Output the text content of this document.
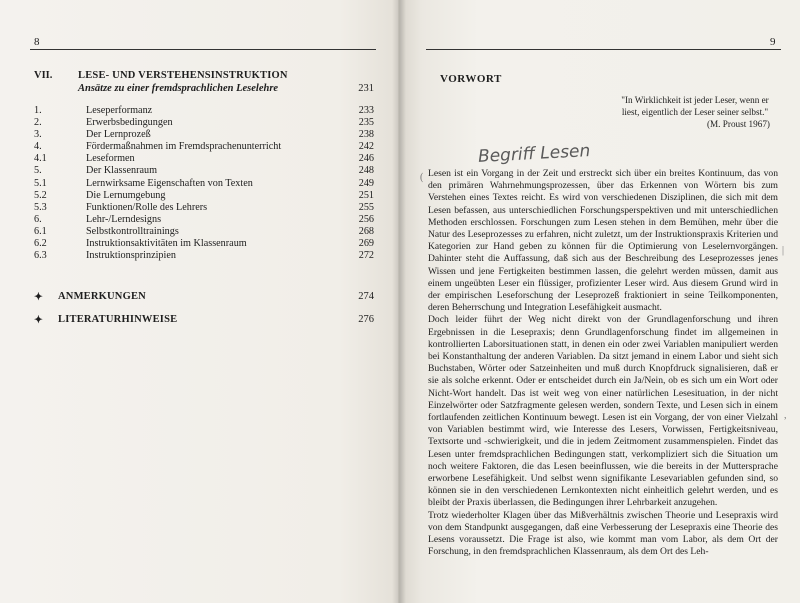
8
VII. LESE- UND VERSTEHENSINSTRUKTION
Ansätze zu einer fremdsprachlichen Leselehre	231
1.	Leseperformanz	233
2.	Erwerbsbedingungen	235
3.	Der Lernprozeß	238
4.	Fördermaßnahmen im Fremdsprachenunterricht	242
4.1	Leseformen	246
5.	Der Klassenraum	248
5.1	Lernwirksame Eigenschaften von Texten	249
5.2	Die Lernumgebung	251
5.3	Funktionen/Rolle des Lehrers	255
6.	Lehr-/Lerndesigns	256
6.1	Selbstkontrolltrainings	268
6.2	Instruktionsaktivitäten im Klassenraum	269
6.3	Instruktionsprinzipien	272
✦ ANMERKUNGEN	274
✦ LITERATURHINWEISE	276
9
VORWORT
"In Wirklichkeit ist jeder Leser, wenn er liest, eigentlich der Leser seiner selbst."
(M. Proust 1967)
Begriff Lesen

Lesen ist ein Vorgang in der Zeit und erstreckt sich über ein breites Kontinuum, das von den primären Wahrnehmungsprozessen, über das Erkennen von Wörtern bis zum Verstehen eines Textes reicht. Es wird von verschiedenen Disziplinen, die sich mit dem Lesen befassen, aus unterschiedlichen Forschungsperspektiven und mit unterschiedlichen Methoden erschlossen. Forschungen zum Lesen stehen in dem Bemühen, mehr über die Natur des Leseprozesses zu erfahren, nicht zuletzt, um der Instruktionspraxis Kriterien und Kategorien zur Hand geben zu können für die Optimierung von Leselernvorgängen. Dahinter steht die Auffassung, daß sich aus der Beschreibung des Leseprozesses jenes Wissen und jene Fertigkeiten bestimmen lassen, die gelehrt werden müssen, damit aus einem ungeübten Leser ein flüssiger, profizienter Leser wird. Aus diesem Grund wird in der empirischen Leseforschung der Leseprozeß fraktioniert in seine Teilkomponenten, deren Beherrschung und Integration Lesefähigkeit ausmacht.

Doch leider führt der Weg nicht direkt von der Grundlagenforschung und ihren Ergebnissen in die Lesepraxis; denn Grundlagenforschung findet im allgemeinen in kontrollierten Laborsituationen statt, in denen ein oder zwei Variablen manipuliert werden bei Konstanthaltung der anderen Variablen. Da sitzt jemand in einem Labor und sieht sich Buchstaben, Wörter oder Satzeinheiten und muß durch Knopfdruck signalisieren, daß er sie als solche erkennt. Oder er entscheidet durch ein Ja/Nein, ob es sich um ein Wort oder Nicht-Wort handelt. Das ist weit weg von einer natürlichen Lesesituation, in der nicht Einzelwörter oder Satzfragmente gelesen werden, sondern Texte, und Lesen sich in einem fortlaufenden zeitlichen Kontinuum bewegt. Lesen ist ein Vorgang, der von einer Vielzahl von Variablen bestimmt wird, wie Interesse des Lesers, Vorwissen, Fertigkeitsniveau, Textsorte und -schwierigkeit, und die in jedem Zeitmoment zusammenspielen. Findet das Lesen unter fremdsprachlichen Bedingungen statt, verkompliziert sich die Situation um noch weitere Faktoren, die das Lesen beeinflussen, wie die bereits in der Muttersprache erworbene Lesefähigkeit. Und selbst wenn signifikante Lesevariablen gefunden sind, so können sie in den verschiedenen Lernkontexten nicht einheitlich gelehrt werden, und es bleibt der Praxis überlassen, die Bedingungen ihrer Lehrbarkeit anzugehen.

Trotz wiederholter Klagen über das Mißverhältnis zwischen Theorie und Lesepraxis wird von dem Standpunkt ausgegangen, daß eine Verbesserung der Lesepraxis eine Theorie des Lesens voraussetzt. Die Frage ist also, wie kommt man vom Labor, als dem Ort der Forschung, in den fremdsprachlichen Klassenraum, als dem Ort des Leh-

(
|
,
